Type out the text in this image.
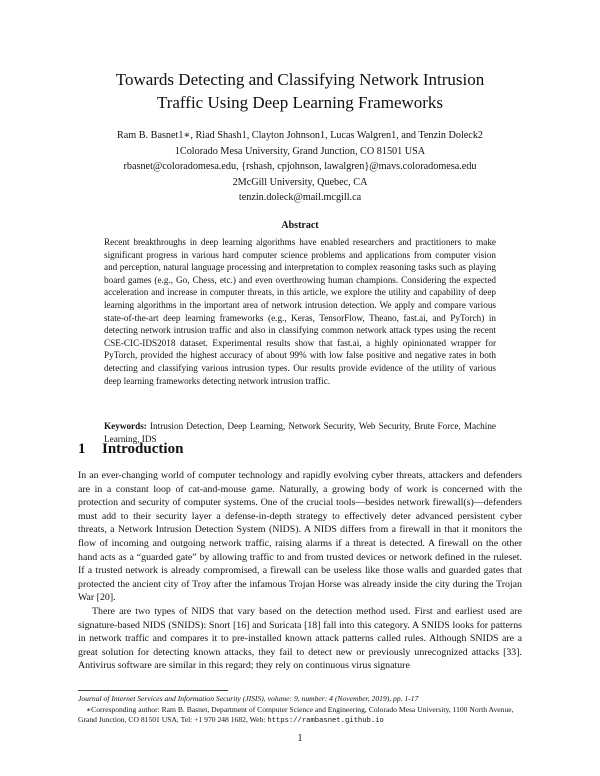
Towards Detecting and Classifying Network Intrusion
Traffic Using Deep Learning Frameworks
Ram B. Basnet1∗, Riad Shash1, Clayton Johnson1, Lucas Walgren1, and Tenzin Doleck2
1Colorado Mesa University, Grand Junction, CO 81501 USA
rbasnet@coloradomesa.edu, {rshash, cpjohnson, lawalgren}@mavs.coloradomesa.edu
2McGill University, Quebec, CA
tenzin.doleck@mail.mcgill.ca
Abstract

Recent breakthroughs in deep learning algorithms have enabled researchers and practitioners to make significant progress in various hard computer science problems and applications from computer vision and perception, natural language processing and interpretation to complex reasoning tasks such as playing board games (e.g., Go, Chess, etc.) and even overthrowing human champions. Considering the expected acceleration and increase in computer threats, in this article, we explore the utility and capability of deep learning algorithms in the important area of network intrusion detection. We apply and compare various state-of-the-art deep learning frameworks (e.g., Keras, TensorFlow, Theano, fast.ai, and PyTorch) in detecting network intrusion traffic and also in classifying common network attack types using the recent CSE-CIC-IDS2018 dataset. Experimental results show that fast.ai, a highly opinionated wrapper for PyTorch, provided the highest accuracy of about 99% with low false positive and negative rates in both detecting and classifying various intrusion types. Our results provide evidence of the utility of various deep learning frameworks detecting network intrusion traffic.

Keywords: Intrusion Detection, Deep Learning, Network Security, Web Security, Brute Force, Machine Learning, IDS

1 Introduction

In an ever-changing world of computer technology and rapidly evolving cyber threats, attackers and defenders are in a constant loop of cat-and-mouse game. Naturally, a growing body of work is concerned with the protection and security of computer systems. One of the crucial tools—besides network firewall(s)—defenders must add to their security layer a defense-in-depth strategy to effectively deter advanced persistent cyber threats, a Network Intrusion Detection System (NIDS). A NIDS differs from a firewall in that it monitors the flow of incoming and outgoing network traffic, raising alarms if a threat is detected. A firewall on the other hand acts as a “guarded gate” by allowing traffic to and from trusted devices or network defined in the ruleset. If a trusted network is already compromised, a firewall can be useless like those walls and guarded gates that protected the ancient city of Troy after the infamous Trojan Horse was already inside the city during the Trojan War [20].

There are two types of NIDS that vary based on the detection method used. First and earliest used are signature-based NIDS (SNIDS): Snort [16] and Suricata [18] fall into this category. A SNIDS looks for patterns in network traffic and compares it to pre-installed known attack patterns called rules. Although SNIDS are a great solution for detecting known attacks, they fail to detect new or previously unrecognized attacks [33]. Antivirus software are similar in this regard; they rely on continuous virus signature

Journal of Internet Services and Information Security (JISIS), volume: 9, number: 4 (November, 2019), pp. 1-17
∗Corresponding author: Ram B. Basnet, Department of Computer Science and Engineering, Colorado Mesa University, 1100 North Avenue, Grand Junction, CO 81501 USA, Tel: +1 970 248 1682, Web: https://rambasnet.github.io
1
